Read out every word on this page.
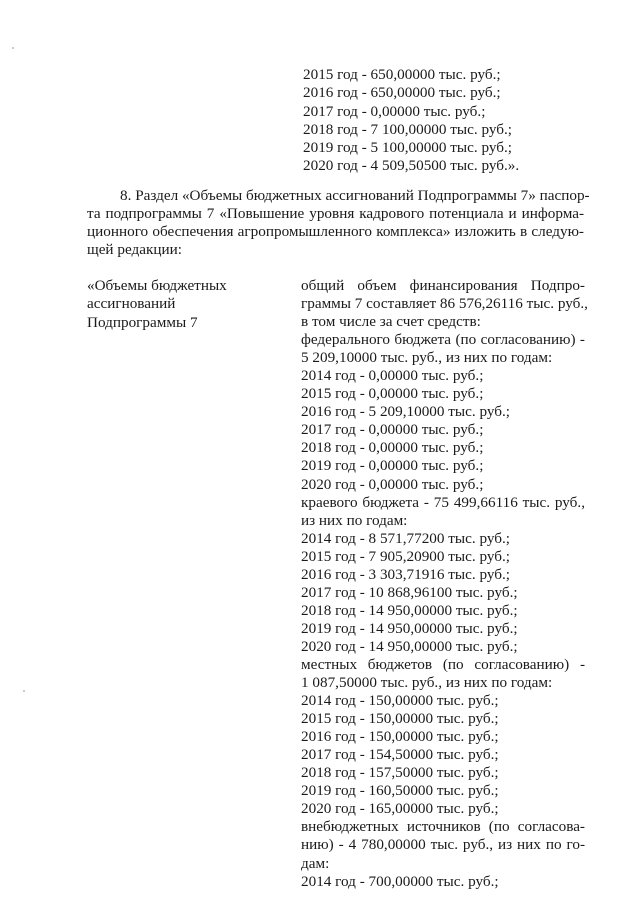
2015 год - 650,00000 тыс. руб.;
2016 год - 650,00000 тыс. руб.;
2017 год - 0,00000 тыс. руб.;
2018 год - 7 100,00000 тыс. руб.;
2019 год - 5 100,00000 тыс. руб.;
2020 год - 4 509,50500 тыс. руб.».
8. Раздел «Объемы бюджетных ассигнований Подпрограммы 7» паспор-
та подпрограммы 7 «Повышение уровня кадрового потенциала и информа-
ционного обеспечения агропромышленного комплекса» изложить в следую-
щей редакции:
«Объемы бюджетных
ассигнований
Подпрограммы 7
общий объем финансирования Подпро-
граммы 7 составляет 86 576,26116 тыс. руб.,
в том числе за счет средств:
федерального бюджета (по согласованию) -
5 209,10000 тыс. руб., из них по годам:
2014 год - 0,00000 тыс. руб.;
2015 год - 0,00000 тыс. руб.;
2016 год - 5 209,10000 тыс. руб.;
2017 год - 0,00000 тыс. руб.;
2018 год - 0,00000 тыс. руб.;
2019 год - 0,00000 тыс. руб.;
2020 год - 0,00000 тыс. руб.;
краевого бюджета - 75 499,66116 тыс. руб.,
из них по годам:
2014 год - 8 571,77200 тыс. руб.;
2015 год - 7 905,20900 тыс. руб.;
2016 год - 3 303,71916 тыс. руб.;
2017 год - 10 868,96100 тыс. руб.;
2018 год - 14 950,00000 тыс. руб.;
2019 год - 14 950,00000 тыс. руб.;
2020 год - 14 950,00000 тыс. руб.;
местных бюджетов (по согласованию) -
1 087,50000 тыс. руб., из них по годам:
2014 год - 150,00000 тыс. руб.;
2015 год - 150,00000 тыс. руб.;
2016 год - 150,00000 тыс. руб.;
2017 год - 154,50000 тыс. руб.;
2018 год - 157,50000 тыс. руб.;
2019 год - 160,50000 тыс. руб.;
2020 год - 165,00000 тыс. руб.;
внебюджетных источников (по согласова-
нию) - 4 780,00000 тыс. руб., из них по го-
дам:
2014 год - 700,00000 тыс. руб.;
